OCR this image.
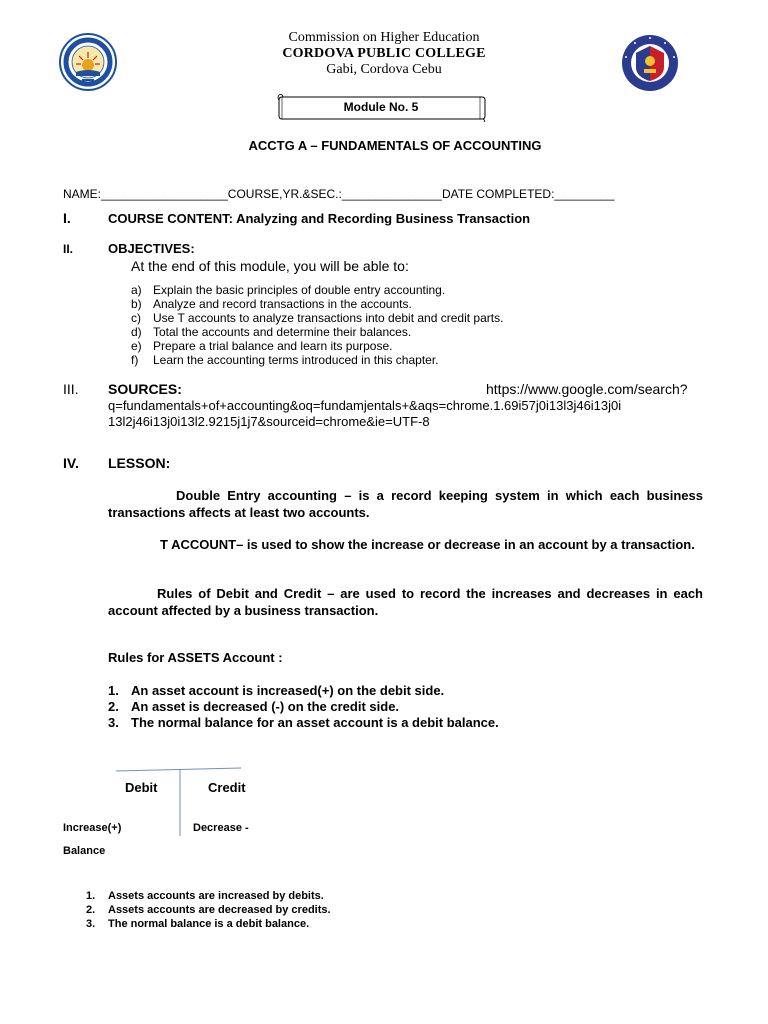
Commission on Higher Education
CORDOVA PUBLIC COLLEGE
Gabi, Cordova Cebu
Module No. 5
ACCTG A – FUNDAMENTALS OF ACCOUNTING
NAME:___________________COURSE,YR.&SEC.:_______________DATE COMPLETED:_________
I.	COURSE CONTENT: Analyzing and Recording Business Transaction
II.	OBJECTIVES:
At the end of this module, you will be able to:
a) Explain the basic principles of double entry accounting.
b) Analyze and record transactions in the accounts.
c) Use T accounts to analyze transactions into debit and credit parts.
d) Total the accounts and determine their balances.
e) Prepare a trial balance and learn its purpose.
f) Learn the accounting terms introduced in this chapter.
III. SOURCES:	https://www.google.com/search?
q=fundamentals+of+accounting&oq=fundamjentals+&aqs=chrome.1.69i57j0i13l3j46i13j0i
13l2j46i13j0i13l2.9215j1j7&sourceid=chrome&ie=UTF-8
IV. LESSON:
Double Entry accounting – is a record keeping system in which each business transactions affects at least two accounts.
T ACCOUNT– is used to show the increase or decrease in an account by a transaction.
Rules of Debit and Credit – are used to record the increases and decreases in each account affected by a business transaction.
Rules for ASSETS Account :
1. An asset account is increased(+) on the debit side.
2. An asset is decreased (-) on the credit side.
3. The normal balance for an asset account is a debit balance.
Debit	Credit
Increase(+)	Decrease -
Balance
1. Assets accounts are increased by debits.
2. Assets accounts are decreased by credits.
3. The normal balance is a debit balance.
